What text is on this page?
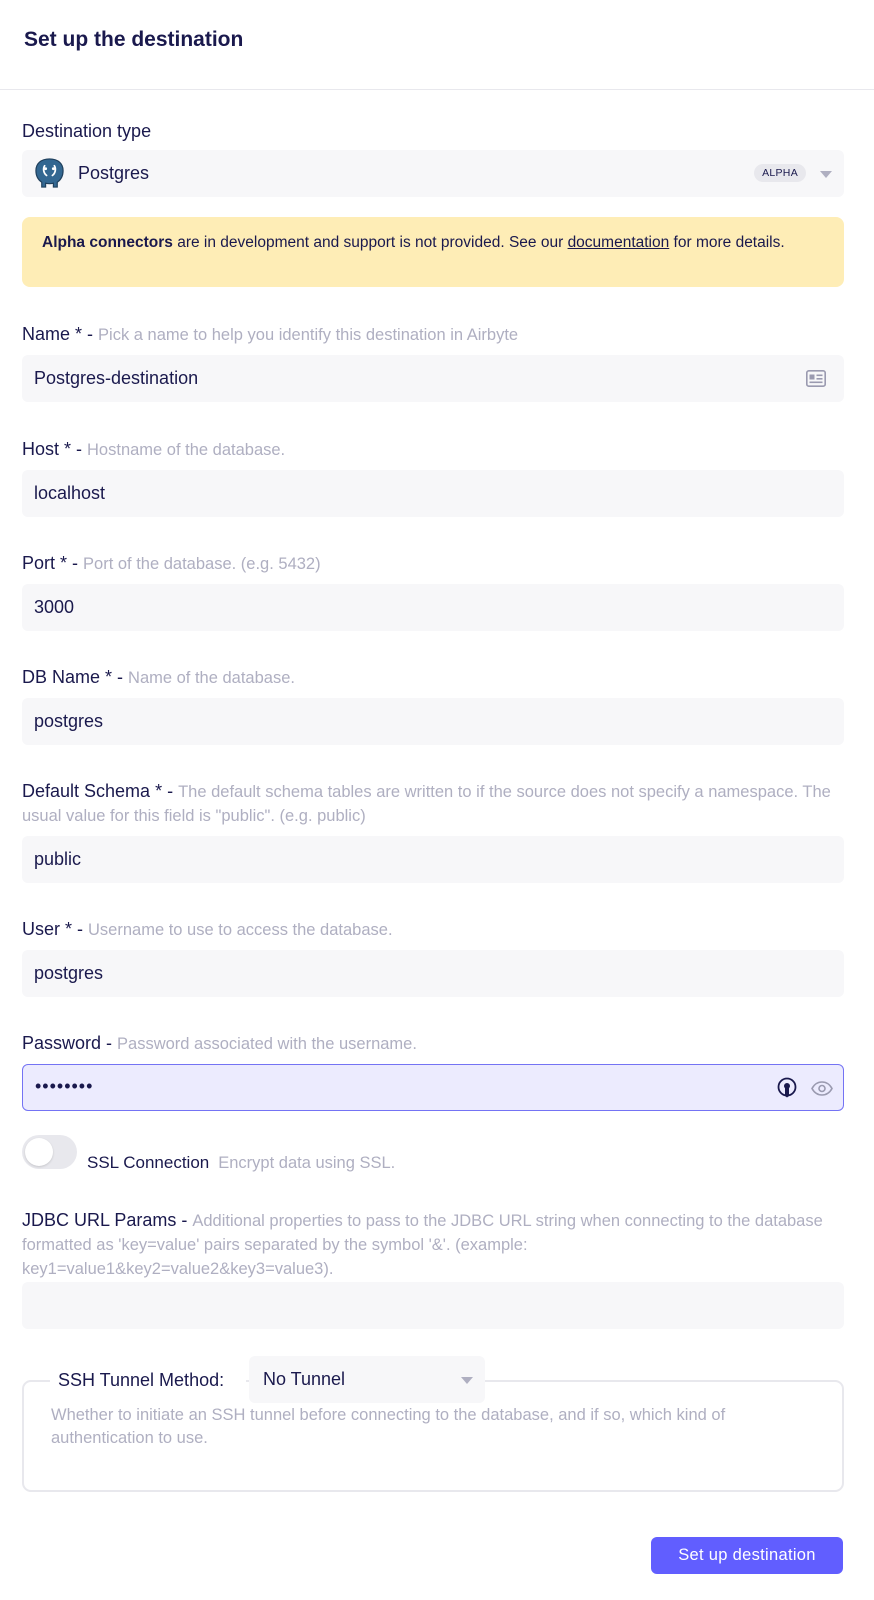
Set up the destination
Destination type
Postgres	ALPHA
Alpha connectors are in development and support is not provided. See our documentation for more details.
Name * - Pick a name to help you identify this destination in Airbyte
Postgres-destination
Host * - Hostname of the database.
localhost
Port * - Port of the database. (e.g. 5432)
3000
DB Name * - Name of the database.
postgres
Default Schema * - The default schema tables are written to if the source does not specify a namespace. The usual value for this field is "public". (e.g. public)
public
User * - Username to use to access the database.
postgres
Password - Password associated with the username.
••••••••
SSL Connection Encrypt data using SSL.
JDBC URL Params - Additional properties to pass to the JDBC URL string when connecting to the database formatted as 'key=value' pairs separated by the symbol '&'. (example: key1=value1&key2=value2&key3=value3).
SSH Tunnel Method: No Tunnel
Whether to initiate an SSH tunnel before connecting to the database, and if so, which kind of authentication to use.
Set up destination
